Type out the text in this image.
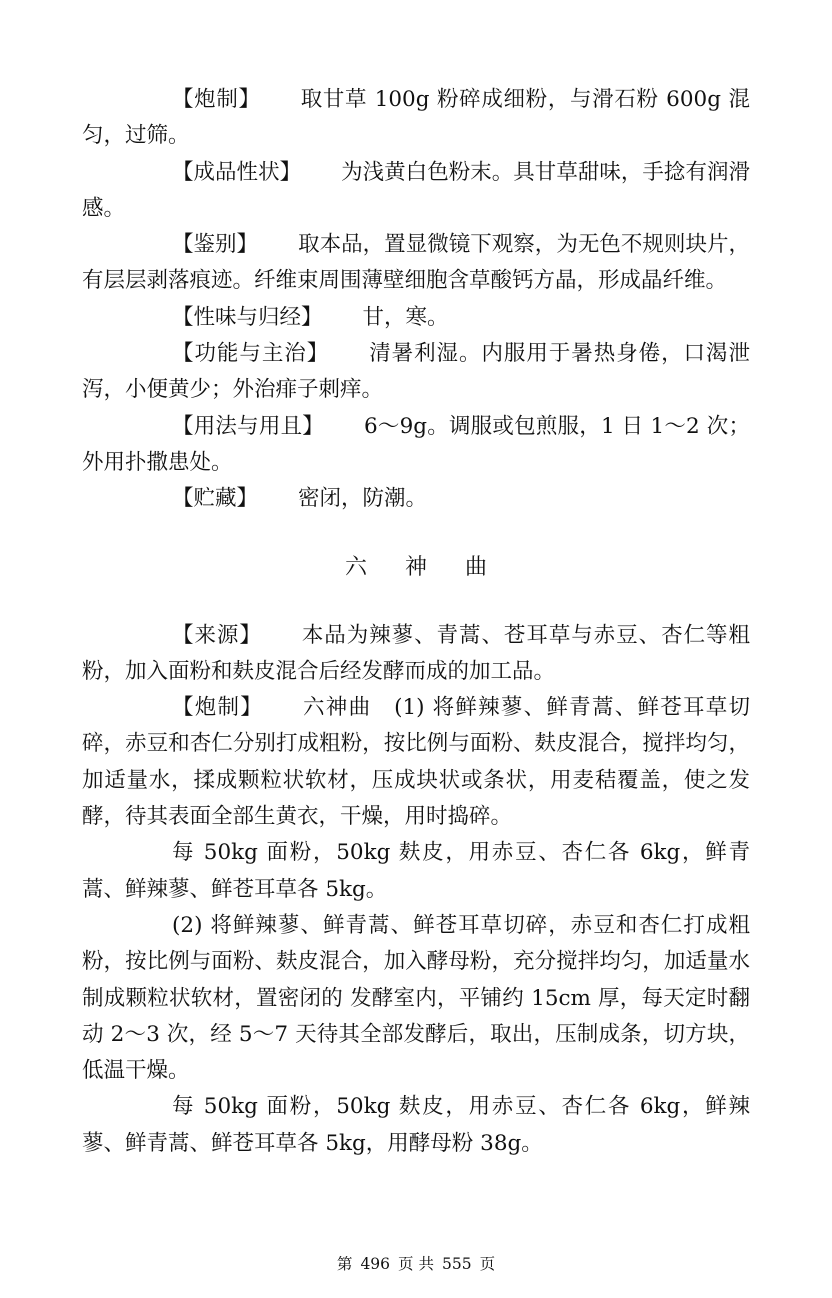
【炮制】 取甘草 100g 粉碎成细粉，与滑石粉 600g 混匀，过筛。

【成品性状】 为浅黄白色粉末。具甘草甜味，手捻有润滑感。

【鉴别】 取本品，置显微镜下观察，为无色不规则块片，有层层剥落痕迹。纤维束周围薄壁细胞含草酸钙方晶，形成晶纤维。

【性味与归经】 甘，寒。

【功能与主治】 清暑利湿。内服用于暑热身倦，口渴泄泻，小便黄少；外治痱子刺痒。

【用法与用且】 6～9g。调服或包煎服，1 日 1～2 次；外用扑撒患处。

【贮藏】 密闭，防潮。

六神曲

【来源】 本品为辣蓼、青蒿、苍耳草与赤豆、杏仁等粗粉，加入面粉和麸皮混合后经发酵而成的加工品。

【炮制】 六神曲　(1) 将鲜辣蓼、鲜青蒿、鲜苍耳草切碎，赤豆和杏仁分别打成粗粉，按比例与面粉、麸皮混合，搅拌均匀，加适量水，揉成颗粒状软材，压成块状或条状，用麦秸覆盖，使之发酵，待其表面全部生黄衣，干燥，用时捣碎。

每 50kg 面粉，50kg 麸皮，用赤豆、杏仁各 6kg，鲜青蒿、鲜辣蓼、鲜苍耳草各 5kg。

(2) 将鲜辣蓼、鲜青蒿、鲜苍耳草切碎，赤豆和杏仁打成粗粉，按比例与面粉、麸皮混合，加入酵母粉，充分搅拌均匀，加适量水制成颗粒状软材，置密闭的 发酵室内，平铺约 15cm 厚，每天定时翻动 2～3 次，经 5～7 天待其全部发酵后，取出，压制成条，切方块，低温干燥。

每 50kg 面粉，50kg 麸皮，用赤豆、杏仁各 6kg，鲜辣蓼、鲜青蒿、鲜苍耳草各 5kg，用酵母粉 38g。

第 496 页 共 555 页
